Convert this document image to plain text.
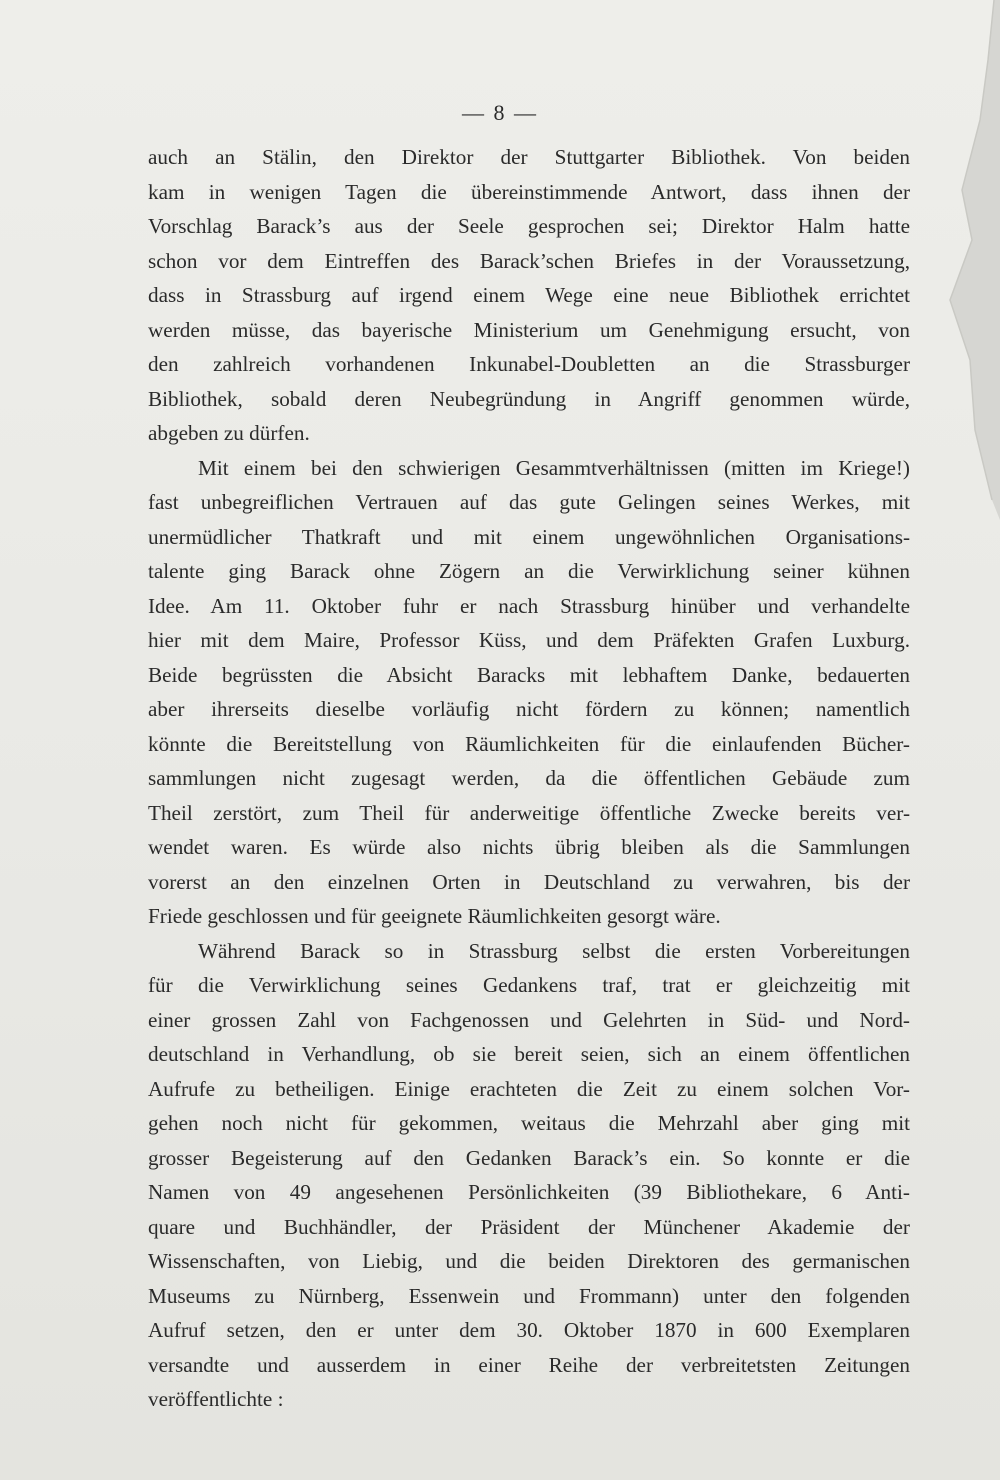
— 8 —
auch an Stälin, den Direktor der Stuttgarter Bibliothek. Von beiden
kam in wenigen Tagen die übereinstimmende Antwort, dass ihnen der
Vorschlag Barack’s aus der Seele gesprochen sei; Direktor Halm hatte
schon vor dem Eintreffen des Barack’schen Briefes in der Voraussetzung,
dass in Strassburg auf irgend einem Wege eine neue Bibliothek errichtet
werden müsse, das bayerische Ministerium um Genehmigung ersucht, von
den zahlreich vorhandenen Inkunabel-Doubletten an die Strassburger
Bibliothek, sobald deren Neubegründung in Angriff genommen würde,
abgeben zu dürfen.
Mit einem bei den schwierigen Gesammtverhältnissen (mitten im Kriege!)
fast unbegreiflichen Vertrauen auf das gute Gelingen seines Werkes, mit
unermüdlicher Thatkraft und mit einem ungewöhnlichen Organisations-
talente ging Barack ohne Zögern an die Verwirklichung seiner kühnen
Idee. Am 11. Oktober fuhr er nach Strassburg hinüber und verhandelte
hier mit dem Maire, Professor Küss, und dem Präfekten Grafen Luxburg.
Beide begrüssten die Absicht Baracks mit lebhaftem Danke, bedauerten
aber ihrerseits dieselbe vorläufig nicht fördern zu können; namentlich
könnte die Bereitstellung von Räumlichkeiten für die einlaufenden Bücher-
sammlungen nicht zugesagt werden, da die öffentlichen Gebäude zum
Theil zerstört, zum Theil für anderweitige öffentliche Zwecke bereits ver-
wendet waren. Es würde also nichts übrig bleiben als die Sammlungen
vorerst an den einzelnen Orten in Deutschland zu verwahren, bis der
Friede geschlossen und für geeignete Räumlichkeiten gesorgt wäre.
Während Barack so in Strassburg selbst die ersten Vorbereitungen
für die Verwirklichung seines Gedankens traf, trat er gleichzeitig mit
einer grossen Zahl von Fachgenossen und Gelehrten in Süd- und Nord-
deutschland in Verhandlung, ob sie bereit seien, sich an einem öffentlichen
Aufrufe zu betheiligen. Einige erachteten die Zeit zu einem solchen Vor-
gehen noch nicht für gekommen, weitaus die Mehrzahl aber ging mit
grosser Begeisterung auf den Gedanken Barack’s ein. So konnte er die
Namen von 49 angesehenen Persönlichkeiten (39 Bibliothekare, 6 Anti-
quare und Buchhändler, der Präsident der Münchener Akademie der
Wissenschaften, von Liebig, und die beiden Direktoren des germanischen
Museums zu Nürnberg, Essenwein und Frommann) unter den folgenden
Aufruf setzen, den er unter dem 30. Oktober 1870 in 600 Exemplaren
versandte und ausserdem in einer Reihe der verbreitetsten Zeitungen
veröffentlichte :
